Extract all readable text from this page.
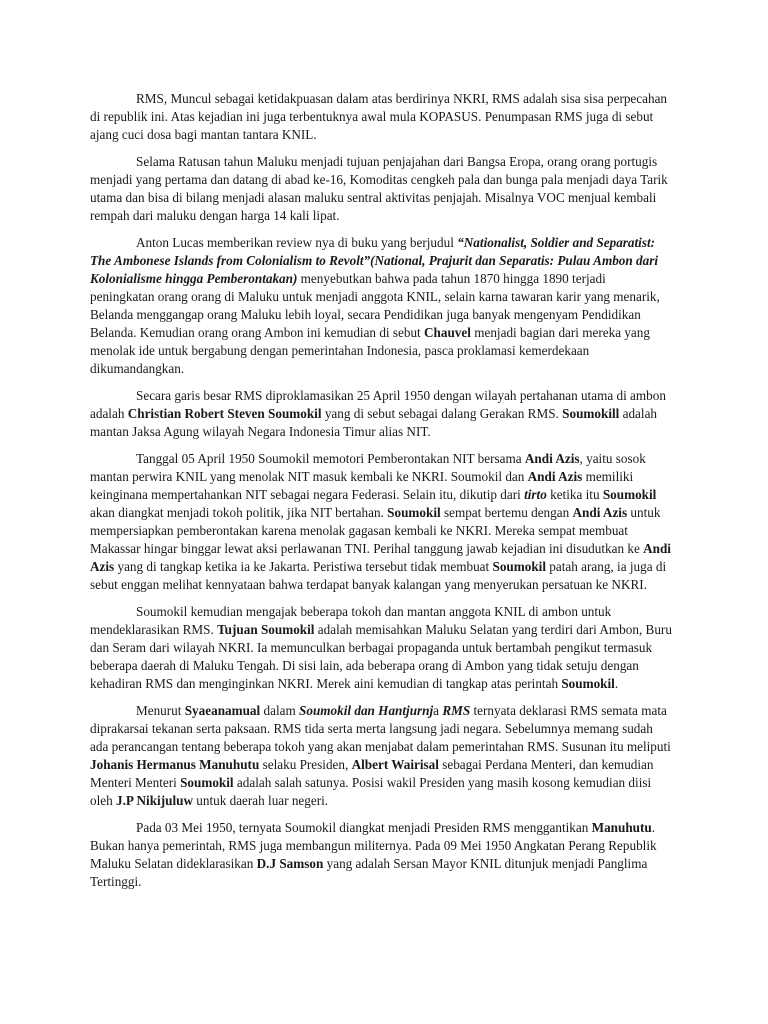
RMS, Muncul sebagai ketidakpuasan dalam atas berdirinya NKRI, RMS adalah sisa sisa perpecahan di republik ini. Atas kejadian ini juga terbentuknya awal mula KOPASUS. Penumpasan RMS juga di sebut ajang cuci dosa bagi mantan tantara KNIL.

Selama Ratusan tahun Maluku menjadi tujuan penjajahan dari Bangsa Eropa, orang orang portugis menjadi yang pertama dan datang di abad ke-16, Komoditas cengkeh pala dan bunga pala menjadi daya Tarik utama dan bisa di bilang menjadi alasan maluku sentral aktivitas penjajah. Misalnya VOC menjual kembali rempah dari maluku dengan harga 14 kali lipat.

Anton Lucas memberikan review nya di buku yang berjudul “Nationalist, Soldier and Separatist: The Ambonese Islands from Colonialism to Revolt”(National, Prajurit dan Separatis: Pulau Ambon dari Kolonialisme hingga Pemberontakan) menyebutkan bahwa pada tahun 1870 hingga 1890 terjadi peningkatan orang orang di Maluku untuk menjadi anggota KNIL, selain karna tawaran karir yang menarik, Belanda menggangap orang Maluku lebih loyal, secara Pendidikan juga banyak mengenyam Pendidikan Belanda. Kemudian orang orang Ambon ini kemudian di sebut Chauvel menjadi bagian dari mereka yang menolak ide untuk bergabung dengan pemerintahan Indonesia, pasca proklamasi kemerdekaan dikumandangkan.

Secara garis besar RMS diproklamasikan 25 April 1950 dengan wilayah pertahanan utama di ambon adalah Christian Robert Steven Soumokil yang di sebut sebagai dalang Gerakan RMS. Soumokill adalah mantan Jaksa Agung wilayah Negara Indonesia Timur alias NIT.

Tanggal 05 April 1950 Soumokil memotori Pemberontakan NIT bersama Andi Azis, yaitu sosok mantan perwira KNIL yang menolak NIT masuk kembali ke NKRI. Soumokil dan Andi Azis memiliki keinginana mempertahankan NIT sebagai negara Federasi. Selain itu, dikutip dari tirto ketika itu Soumokil akan diangkat menjadi tokoh politik, jika NIT bertahan. Soumokil sempat bertemu dengan Andi Azis untuk mempersiapkan pemberontakan karena menolak gagasan kembali ke NKRI. Mereka sempat membuat Makassar hingar binggar lewat aksi perlawanan TNI. Perihal tanggung jawab kejadian ini disudutkan ke Andi Azis yang di tangkap ketika ia ke Jakarta. Peristiwa tersebut tidak membuat Soumokil patah arang, ia juga di sebut enggan melihat kennyataan bahwa terdapat banyak kalangan yang menyerukan persatuan ke NKRI.

Soumokil kemudian mengajak beberapa tokoh dan mantan anggota KNIL di ambon untuk mendeklarasikan RMS. Tujuan Soumokil adalah memisahkan Maluku Selatan yang terdiri dari Ambon, Buru dan Seram dari wilayah NKRI. Ia memunculkan berbagai propaganda untuk bertambah pengikut termasuk beberapa daerah di Maluku Tengah. Di sisi lain, ada beberapa orang di Ambon yang tidak setuju dengan kehadiran RMS dan menginginkan NKRI. Merek aini kemudian di tangkap atas perintah Soumokil.

Menurut Syaeanamual dalam Soumokil dan Hantjurnja RMS ternyata deklarasi RMS semata mata diprakarsai tekanan serta paksaan. RMS tida serta merta langsung jadi negara. Sebelumnya memang sudah ada perancangan tentang beberapa tokoh yang akan menjabat dalam pemerintahan RMS. Susunan itu meliputi Johanis Hermanus Manuhutu selaku Presiden, Albert Wairisal sebagai Perdana Menteri, dan kemudian Menteri Menteri Soumokil adalah salah satunya. Posisi wakil Presiden yang masih kosong kemudian diisi oleh J.P Nikijuluw untuk daerah luar negeri.

Pada 03 Mei 1950, ternyata Soumokil diangkat menjadi Presiden RMS menggantikan Manuhutu. Bukan hanya pemerintah, RMS juga membangun militernya. Pada 09 Mei 1950 Angkatan Perang Republik Maluku Selatan dideklarasikan D.J Samson yang adalah Sersan Mayor KNIL ditunjuk menjadi Panglima Tertinggi.
